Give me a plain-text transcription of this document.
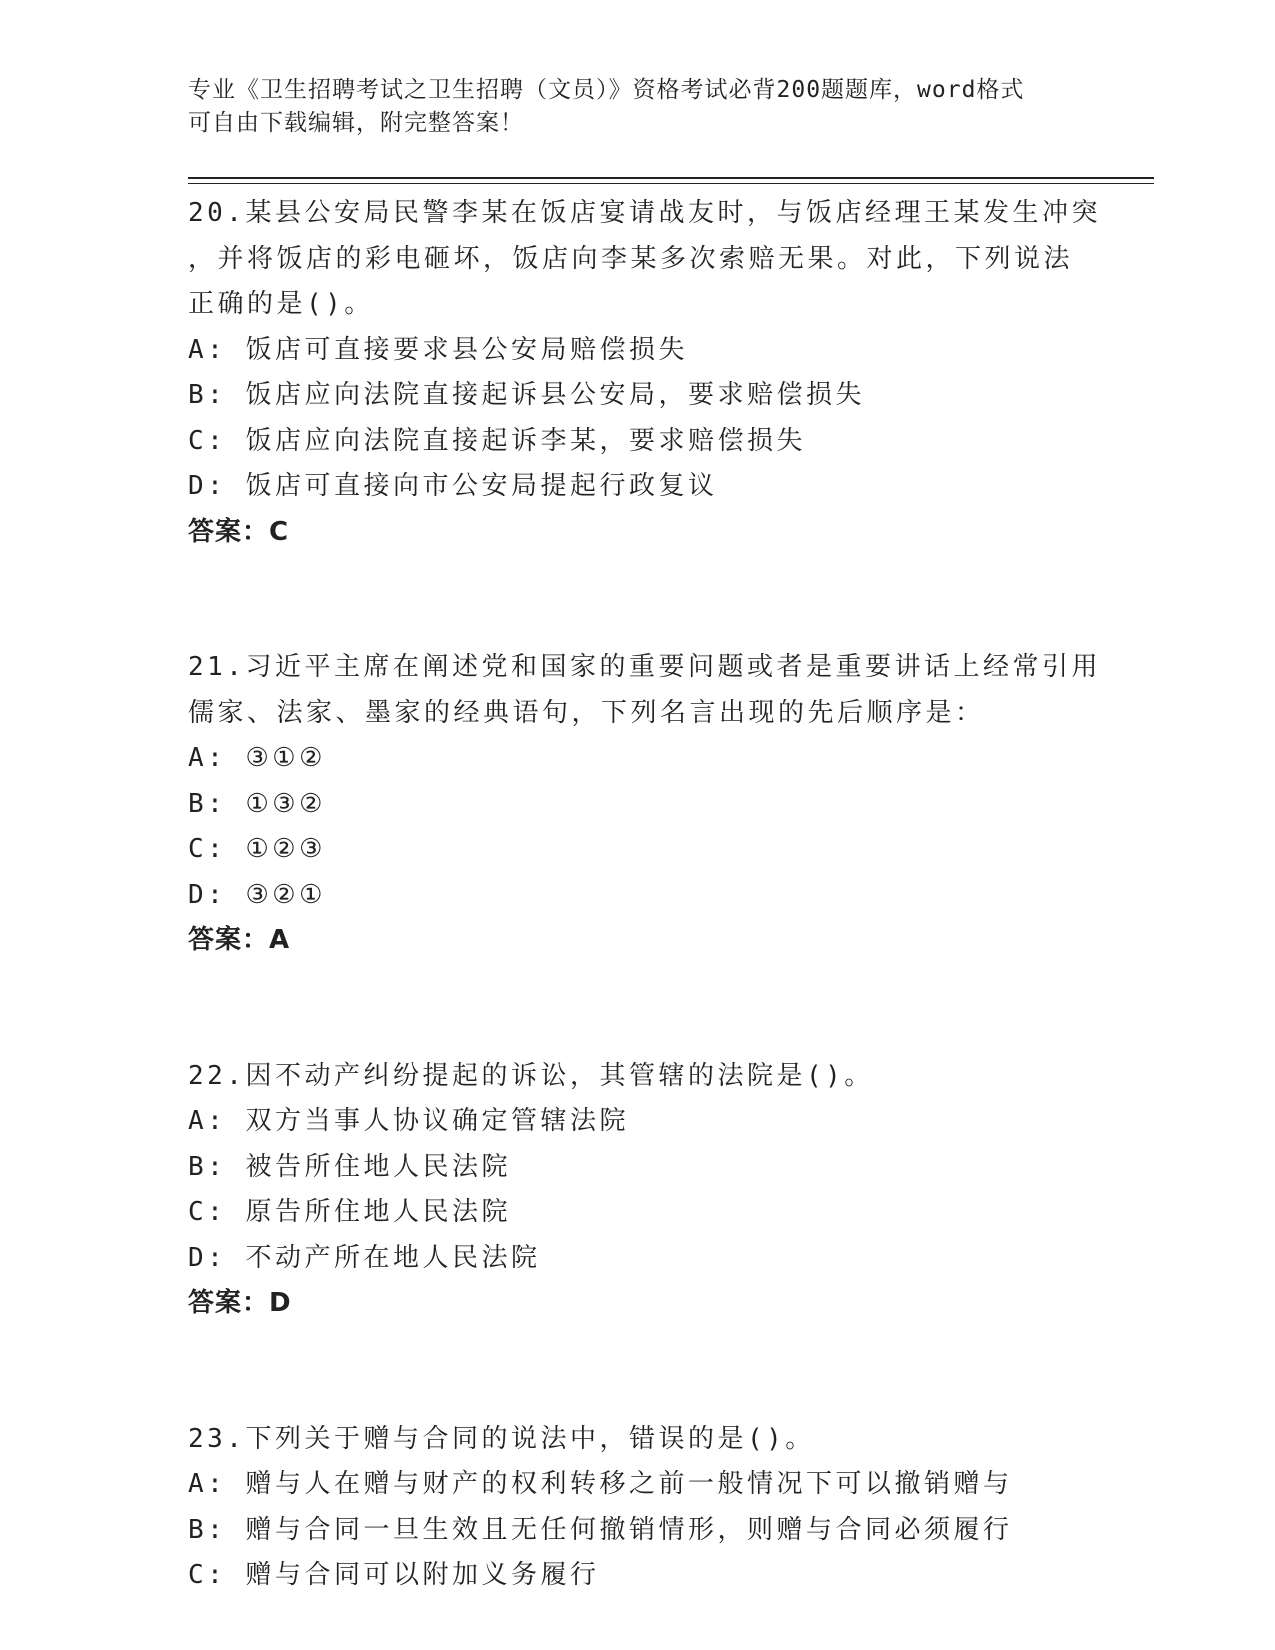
专业《卫生招聘考试之卫生招聘（文员）》资格考试必背200题题库，word格式
可自由下载编辑，附完整答案！
20.某县公安局民警李某在饭店宴请战友时，与饭店经理王某发生冲突
，并将饭店的彩电砸坏，饭店向李某多次索赔无果。对此，下列说法
正确的是()。
A: 饭店可直接要求县公安局赔偿损失
B: 饭店应向法院直接起诉县公安局，要求赔偿损失
C: 饭店应向法院直接起诉李某，要求赔偿损失
D: 饭店可直接向市公安局提起行政复议
答案：C
21.习近平主席在阐述党和国家的重要问题或者是重要讲话上经常引用
儒家、法家、墨家的经典语句，下列名言出现的先后顺序是：
A: ③①②
B: ①③②
C: ①②③
D: ③②①
答案：A
22.因不动产纠纷提起的诉讼，其管辖的法院是()。
A: 双方当事人协议确定管辖法院
B: 被告所住地人民法院
C: 原告所住地人民法院
D: 不动产所在地人民法院
答案：D
23.下列关于赠与合同的说法中，错误的是()。
A: 赠与人在赠与财产的权利转移之前一般情况下可以撤销赠与
B: 赠与合同一旦生效且无任何撤销情形，则赠与合同必须履行
C: 赠与合同可以附加义务履行
